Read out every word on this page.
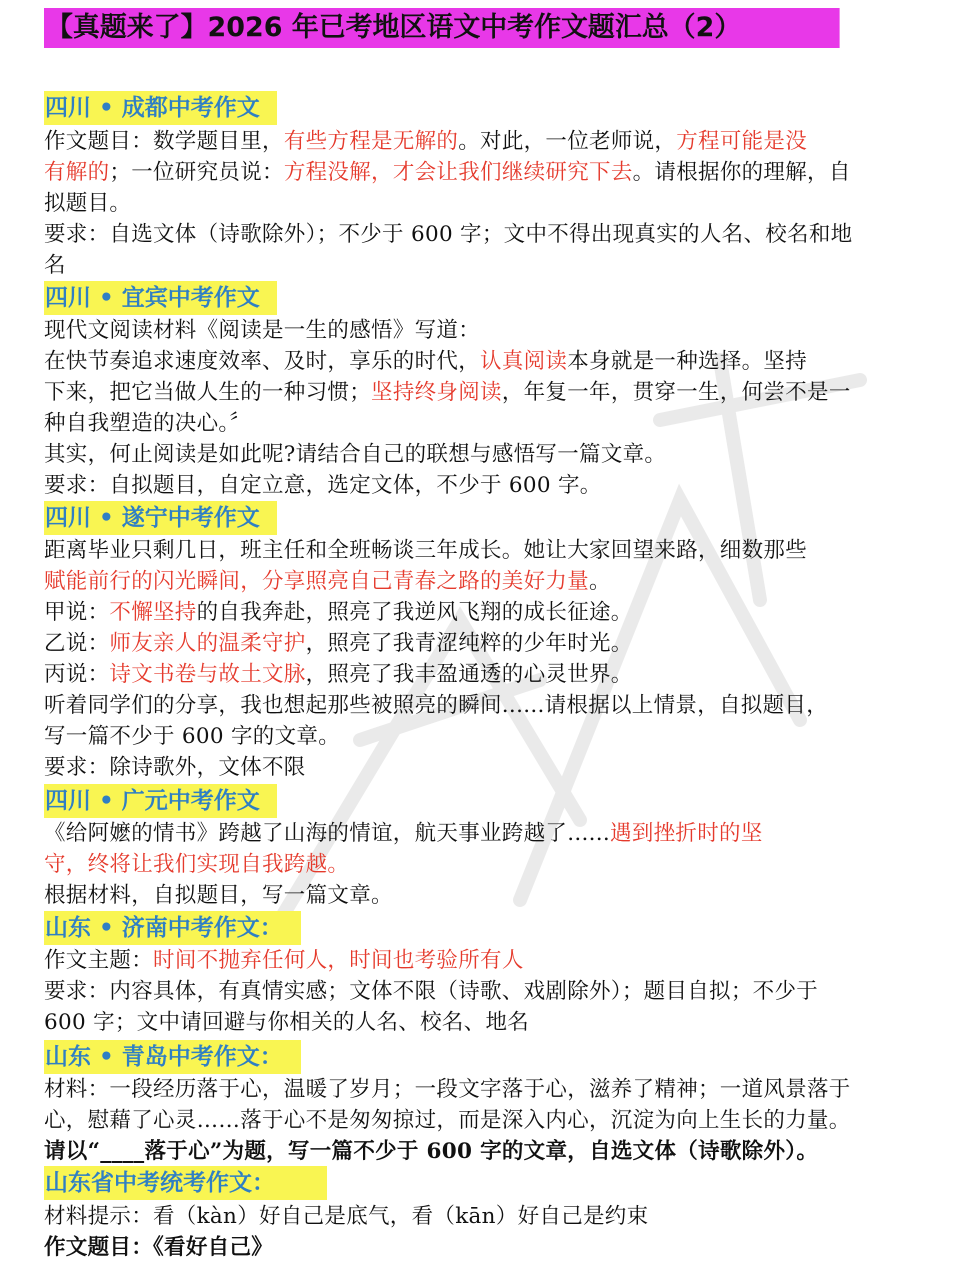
【真题来了】2026 年已考地区语文中考作文题汇总（2）
四川 • 成都中考作文
作文题目：数学题目里，有些方程是无解的。对此，一位老师说，方程可能是没
有解的；一位研究员说：方程没解，才会让我们继续研究下去。请根据你的理解，自
拟题目。
要求：自选文体（诗歌除外）；不少于 600 字；文中不得出现真实的人名、校名和地
名
四川 • 宜宾中考作文
现代文阅读材料《阅读是一生的感悟》写道：
在快节奏追求速度效率、及时，享乐的时代，认真阅读本身就是一种选择。坚持
下来，把它当做人生的一种习惯；坚持终身阅读，年复一年，贯穿一生，何尝不是一
种自我塑造的决心。〞
其实，何止阅读是如此呢?请结合自己的联想与感悟写一篇文章。
要求：自拟题目，自定立意，选定文体，不少于 600 字。
四川 • 遂宁中考作文
距离毕业只剩几日，班主任和全班畅谈三年成长。她让大家回望来路，细数那些
赋能前行的闪光瞬间，分享照亮自己青春之路的美好力量。
甲说：不懈坚持的自我奔赴，照亮了我逆风飞翔的成长征途。
乙说：师友亲人的温柔守护，照亮了我青涩纯粹的少年时光。
丙说：诗文书卷与故土文脉，照亮了我丰盈通透的心灵世界。
听着同学们的分享，我也想起那些被照亮的瞬间......请根据以上情景，自拟题目，
写一篇不少于 600 字的文章。
要求：除诗歌外，文体不限
四川 • 广元中考作文
《给阿嬷的情书》跨越了山海的情谊，航天事业跨越了......遇到挫折时的坚
守，终将让我们实现自我跨越。
根据材料，自拟题目，写一篇文章。
山东 • 济南中考作文：
作文主题：时间不抛弃任何人，时间也考验所有人
要求：内容具体，有真情实感；文体不限（诗歌、戏剧除外）；题目自拟；不少于
600 字；文中请回避与你相关的人名、校名、地名
山东 • 青岛中考作文：
材料：一段经历落于心，温暖了岁月；一段文字落于心，滋养了精神；一道风景落于
心，慰藉了心灵……落于心不是匆匆掠过，而是深入内心，沉淀为向上生长的力量。
请以“____落于心”为题，写一篇不少于 600 字的文章，自选文体（诗歌除外）。
山东省中考统考作文：
材料提示：看（kàn）好自己是底气，看（kān）好自己是约束
作文题目：《看好自己》
